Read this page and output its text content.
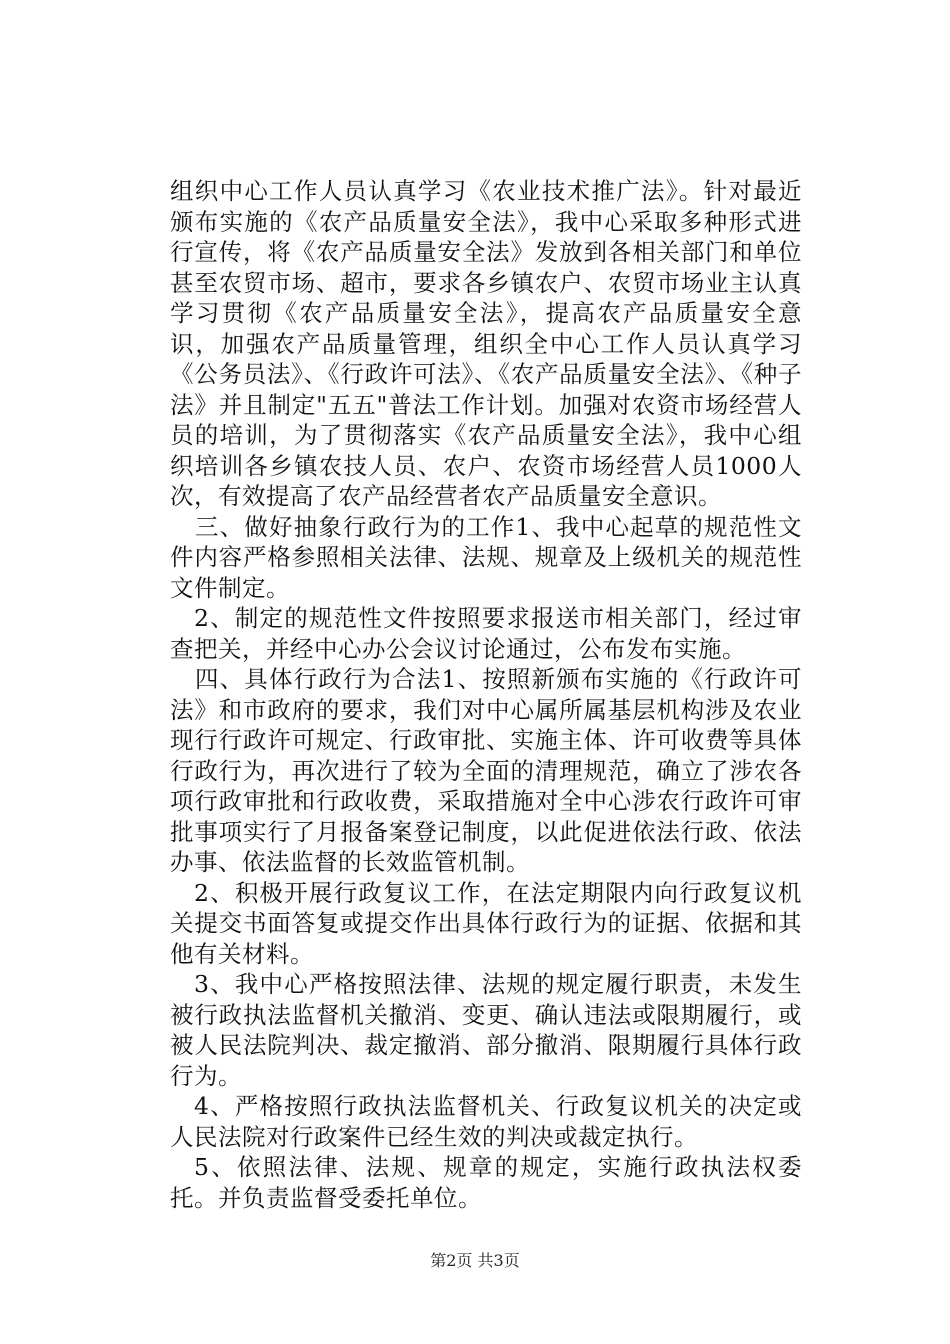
组织中心工作人员认真学习《农业技术推广法》。针对最近颁布实施的《农产品质量安全法》，我中心采取多种形式进行宣传，将《农产品质量安全法》发放到各相关部门和单位甚至农贸市场、超市，要求各乡镇农户、农贸市场业主认真学习贯彻《农产品质量安全法》，提高农产品质量安全意识，加强农产品质量管理，组织全中心工作人员认真学习《公务员法》、《行政许可法》、《农产品质量安全法》、《种子法》并且制定"五五"普法工作计划。加强对农资市场经营人员的培训，为了贯彻落实《农产品质量安全法》，我中心组织培训各乡镇农技人员、农户、农资市场经营人员1000人次，有效提高了农产品经营者农产品质量安全意识。

三、做好抽象行政行为的工作1、我中心起草的规范性文件内容严格参照相关法律、法规、规章及上级机关的规范性文件制定。

2、制定的规范性文件按照要求报送市相关部门，经过审查把关，并经中心办公会议讨论通过，公布发布实施。

四、具体行政行为合法1、按照新颁布实施的《行政许可法》和市政府的要求，我们对中心属所属基层机构涉及农业现行行政许可规定、行政审批、实施主体、许可收费等具体行政行为，再次进行了较为全面的清理规范，确立了涉农各项行政审批和行政收费，采取措施对全中心涉农行政许可审批事项实行了月报备案登记制度，以此促进依法行政、依法办事、依法监督的长效监管机制。

2、积极开展行政复议工作，在法定期限内向行政复议机关提交书面答复或提交作出具体行政行为的证据、依据和其他有关材料。

3、我中心严格按照法律、法规的规定履行职责，未发生被行政执法监督机关撤消、变更、确认违法或限期履行，或被人民法院判决、裁定撤消、部分撤消、限期履行具体行政行为。

4、严格按照行政执法监督机关、行政复议机关的决定或人民法院对行政案件已经生效的判决或裁定执行。

5、依照法律、法规、规章的规定，实施行政执法权委托。并负责监督受委托单位。

第2页 共3页
